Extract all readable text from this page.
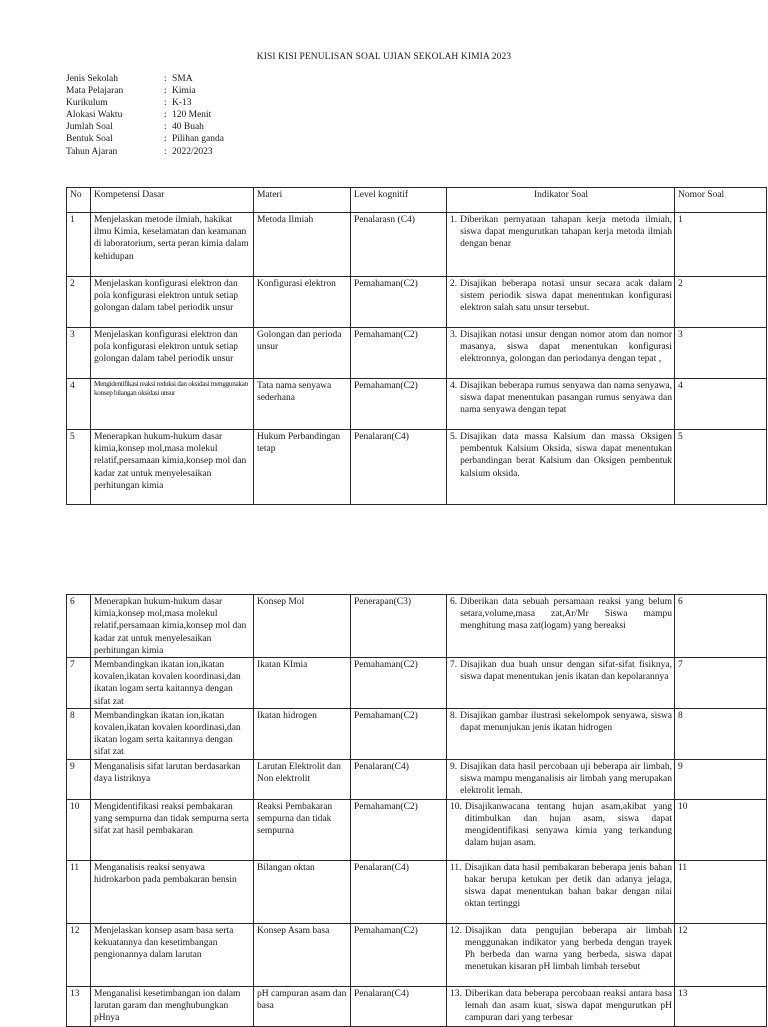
KISI KISI PENULISAN SOAL UJIAN SEKOLAH KIMIA 2023
Jenis Sekolah	: SMA
Mata Pelajaran	: Kimia
Kurikulum	: K-13
Alokasi Waktu	: 120 Menit
Jumlah Soal	: 40 Buah
Bentuk Soal	: Pilihan ganda
Tahun Ajaran	: 2022/2023
No	Kompetensi Dasar	Materi	Level kognitif	Indikator Soal	Nomor Soal
1	Menjelaskan metode ilmiah, hakikat ilmu Kimia, keselamatan dan keamanan di laboratorium, serta peran kimia dalam kehidupan	Metoda Ilmiah	Penalarasn (C4)	1. Diberikan pernyataan tahapan kerja metoda ilmiah, siswa dapat mengurutkan tahapan kerja metoda ilmiah dengan benar	1
2	Menjelaskan konfigurasi elektron dan pola konfigurasi elektron untuk setiap golongan dalam tabel periodik unsur	Konfigurasi elektron	Pemahaman(C2)	2. Disajikan beberapa notasi unsur secara acak dalam sistem periodik siswa dapat menentukan konfigurasi elektron salah satu unsur tersebut.	2
3	Menjelaskan konfigurasi elektron dan pola konfigurasi elektron untuk setiap golongan dalam tabel periodik unsur	Golongan dan perioda unsur	Pemahaman(C2)	3. Disajikan notasi unsur dengan nomor atom dan nomor masanya, siswa dapat menentukan konfigurasi elektronnya, golongan dan periodanya dengan tepat ,	3
4	Mengidentifikasi reaksi reduksi dan oksidasi menggunakan konsep bilangan oksidasi unsur	Tata nama senyawa sederhana	Pemahaman(C2)	4. Disajikan beberapa rumus senyawa dan nama senyawa, siswa dapat menentukan pasangan rumus senyawa dan nama senyawa dengan tepat	4
5	Menerapkan hukum-hukum dasar kimia,konsep mol,masa molekul relatif,persamaan kimia,konsep mol dan kadar zat untuk menyelesaikan perhitungan kimia	Hukum Perbandingan tetap	Penalaran(C4)	5. Disajikan data massa Kalsium dan massa Oksigen pembentuk Kalsium Oksida, siswa dapat menentukan perbandingan berat Kalsium dan Oksigen pembentuk kalsium oksida.	5
6	Menerapkan hukum-hukum dasar kimia,konsep mol,masa molekul relatif,persamaan kimia,konsep mol dan kadar zat untuk menyelesaikan perhitungan kimia	Konsep Mol	Penerapan(C3)	6. Diberikan data sebuah persamaan reaksi yang belum setara,volume,masa zat,Ar/Mr Siswa mampu menghitung masa zat(logam) yang bereaksi	6
7	Membandingkan ikatan ion,ikatan kovalen,ikatan kovalen koordinasi,dan ikatan logam serta kaitannya dengan sifat zat	Ikatan KImia	Pemahaman(C2)	7. Disajikan dua buah unsur dengan sifat-sifat fisiknya, siswa dapat menentukan jenis ikatan dan kepolarannya	7
8	Membandingkan ikatan ion,ikatan kovalen,ikatan kovalen koordinasi,dan ikatan logam serta kaitannya dengan sifat zat	Ikatan hidrogen	Pemahaman(C2)	8. Disajikan gambar ilustrasi sekelompok senyawa, siswa dapat menunjukan jenis ikatan hidrogen	8
9	Menganalisis sifat larutan berdasarkan daya listriknya	Larutan Elektrolit dan Non elektrolit	Penalaran(C4)	9. Disajikan data hasil percobaan uji beberapa air limbah, siswa mampu menganalisis air limbah yang merupakan elektrolit lemah.	9
10	Mengidentifikasi reaksi pembakaran yang sempurna dan tidak sempurna serta sifat zat hasil pembakaran	Reaksi Pembakaran sempurna dan tidak sempurna	Pemahaman(C2)	10. Disajikanwacana tentang hujan asam,akibat yang ditimbulkan dan hujan asam, siswa dapat mengidentifikasi senyawa kimia yang terkandung dalam hujan asam.	10
11	Menganalisis reaksi senyawa hidrokarbon pada pembakaran bensin	Bilangan oktan	Penalaran(C4)	11. Disajikan data hasil pembakaran beberapa jenis bahan bakar berupa ketukan per detik dan adanya jelaga, siswa dapat menentukan bahan bakar dengan nilai oktan tertinggi	11
12	Menjelaskan konsep asam basa serta kekuatannya dan kesetimbangan pengionannya dalam larutan	Konsep Asam basa	Pemahaman(C2)	12. Disajikan data pengujian beberapa air limbah menggunakan indikator yang berbeda dengan trayek Ph berbeda dan warna yang berbeda, siswa dapat menetukan kisaran pH limbah limbah tersebut	12
13	Menganalisi kesetimbangan ion dalam larutan garam dan menghubungkan pHnya	pH campuran asam dan basa	Penalaran(C4)	13. Diberikan data beberapa percobaan reaksi antara basa lemah dan asam kuat, siswa dapat mengurutkan pH campuran dari yang terbesar	13
